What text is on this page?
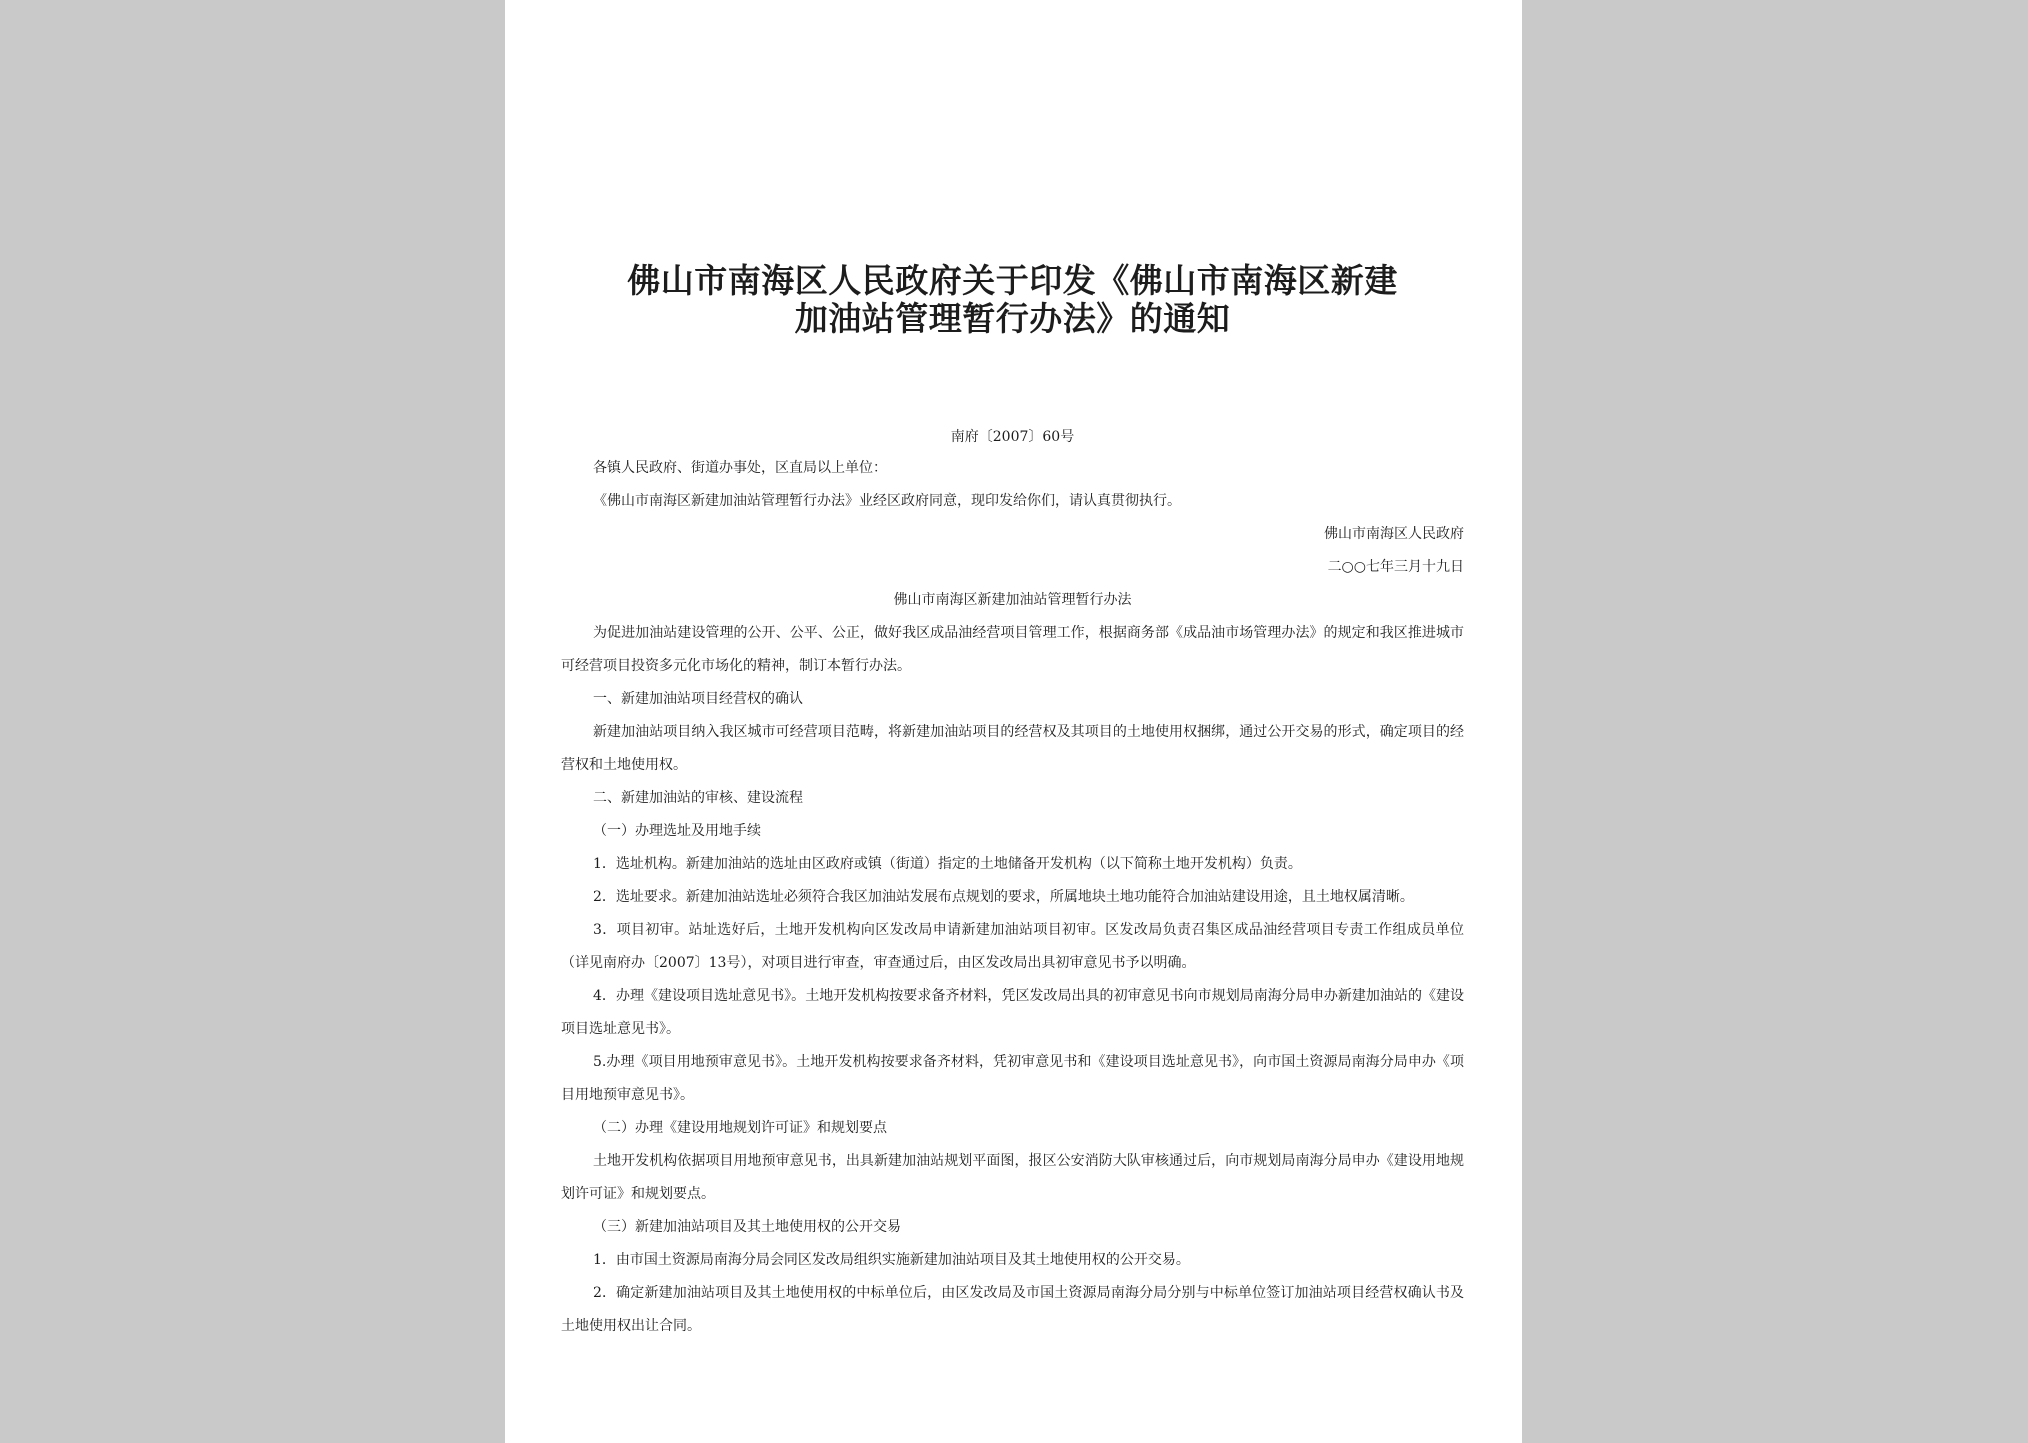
佛山市南海区人民政府关于印发《佛山市南海区新建
加油站管理暂行办法》的通知
南府〔2007〕60号

各镇人民政府、街道办事处，区直局以上单位：

《佛山市南海区新建加油站管理暂行办法》业经区政府同意，现印发给你们，请认真贯彻执行。

佛山市南海区人民政府

二○○七年三月十九日

佛山市南海区新建加油站管理暂行办法

为促进加油站建设管理的公开、公平、公正，做好我区成品油经营项目管理工作，根据商务部《成品油市场管理办法》的规定和我区推进城市可经营项目投资多元化市场化的精神，制订本暂行办法。

一、新建加油站项目经营权的确认

新建加油站项目纳入我区城市可经营项目范畴，将新建加油站项目的经营权及其项目的土地使用权捆绑，通过公开交易的形式，确定项目的经营权和土地使用权。

二、新建加油站的审核、建设流程

（一）办理选址及用地手续

1．选址机构。新建加油站的选址由区政府或镇（街道）指定的土地储备开发机构（以下简称土地开发机构）负责。

2．选址要求。新建加油站选址必须符合我区加油站发展布点规划的要求，所属地块土地功能符合加油站建设用途，且土地权属清晰。

3．项目初审。站址选好后，土地开发机构向区发改局申请新建加油站项目初审。区发改局负责召集区成品油经营项目专责工作组成员单位（详见南府办〔2007〕13号），对项目进行审查，审查通过后，由区发改局出具初审意见书予以明确。

4．办理《建设项目选址意见书》。土地开发机构按要求备齐材料，凭区发改局出具的初审意见书向市规划局南海分局申办新建加油站的《建设项目选址意见书》。

5.办理《项目用地预审意见书》。土地开发机构按要求备齐材料，凭初审意见书和《建设项目选址意见书》，向市国土资源局南海分局申办《项目用地预审意见书》。

（二）办理《建设用地规划许可证》和规划要点

土地开发机构依据项目用地预审意见书，出具新建加油站规划平面图，报区公安消防大队审核通过后，向市规划局南海分局申办《建设用地规划许可证》和规划要点。

（三）新建加油站项目及其土地使用权的公开交易

1．由市国土资源局南海分局会同区发改局组织实施新建加油站项目及其土地使用权的公开交易。

2．确定新建加油站项目及其土地使用权的中标单位后，由区发改局及市国土资源局南海分局分别与中标单位签订加油站项目经营权确认书及土地使用权出让合同。
